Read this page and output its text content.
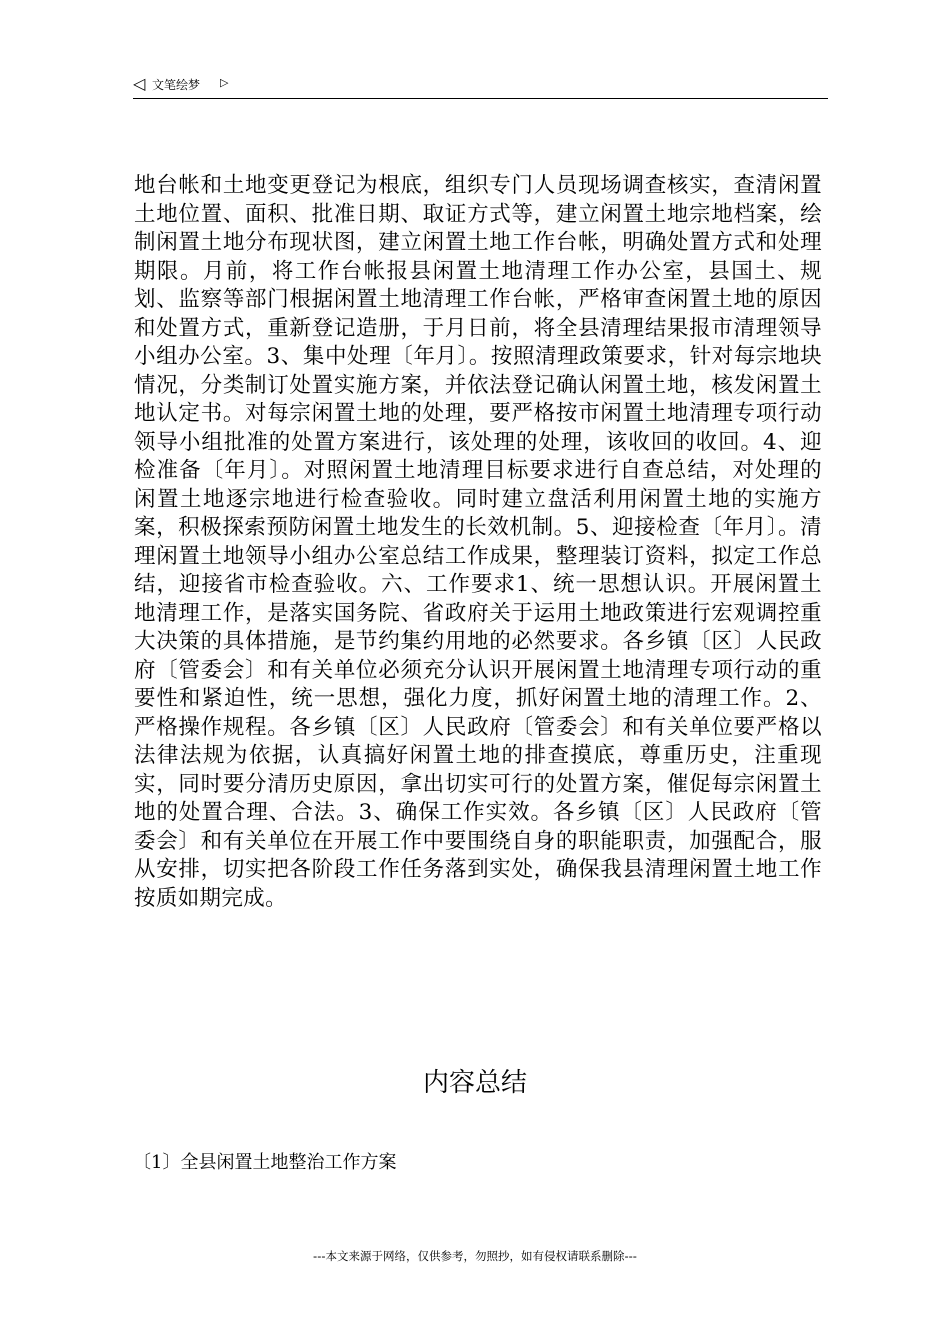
◁ 文笔绘梦 ▷

地台帐和土地变更登记为根底，组织专门人员现场调查核实，查清闲置土地位置、面积、批准日期、取证方式等，建立闲置土地宗地档案，绘制闲置土地分布现状图，建立闲置土地工作台帐，明确处置方式和处理期限。月前，将工作台帐报县闲置土地清理工作办公室，县国土、规划、监察等部门根据闲置土地清理工作台帐，严格审查闲置土地的原因和处置方式，重新登记造册，于月日前，将全县清理结果报市清理领导小组办公室。3、集中处理〔年月〕。按照清理政策要求，针对每宗地块情况，分类制订处置实施方案，并依法登记确认闲置土地，核发闲置土地认定书。对每宗闲置土地的处理，要严格按市闲置土地清理专项行动领导小组批准的处置方案进行，该处理的处理，该收回的收回。4、迎检准备〔年月〕。对照闲置土地清理目标要求进行自查总结，对处理的闲置土地逐宗地进行检查验收。同时建立盘活利用闲置土地的实施方案，积极探索预防闲置土地发生的长效机制。5、迎接检查〔年月〕。清理闲置土地领导小组办公室总结工作成果，整理装订资料，拟定工作总结，迎接省市检查验收。六、工作要求1、统一思想认识。开展闲置土地清理工作，是落实国务院、省政府关于运用土地政策进行宏观调控重大决策的具体措施，是节约集约用地的必然要求。各乡镇〔区〕人民政府〔管委会〕和有关单位必须充分认识开展闲置土地清理专项行动的重要性和紧迫性，统一思想，强化力度，抓好闲置土地的清理工作。2、严格操作规程。各乡镇〔区〕人民政府〔管委会〕和有关单位要严格以法律法规为依据，认真搞好闲置土地的排查摸底，尊重历史，注重现实，同时要分清历史原因，拿出切实可行的处置方案，催促每宗闲置土地的处置合理、合法。3、确保工作实效。各乡镇〔区〕人民政府〔管委会〕和有关单位在开展工作中要围绕自身的职能职责，加强配合，服从安排，切实把各阶段工作任务落到实处，确保我县清理闲置土地工作按质如期完成。

内容总结

〔1〕全县闲置土地整治工作方案

---本文来源于网络，仅供参考，勿照抄，如有侵权请联系删除---
